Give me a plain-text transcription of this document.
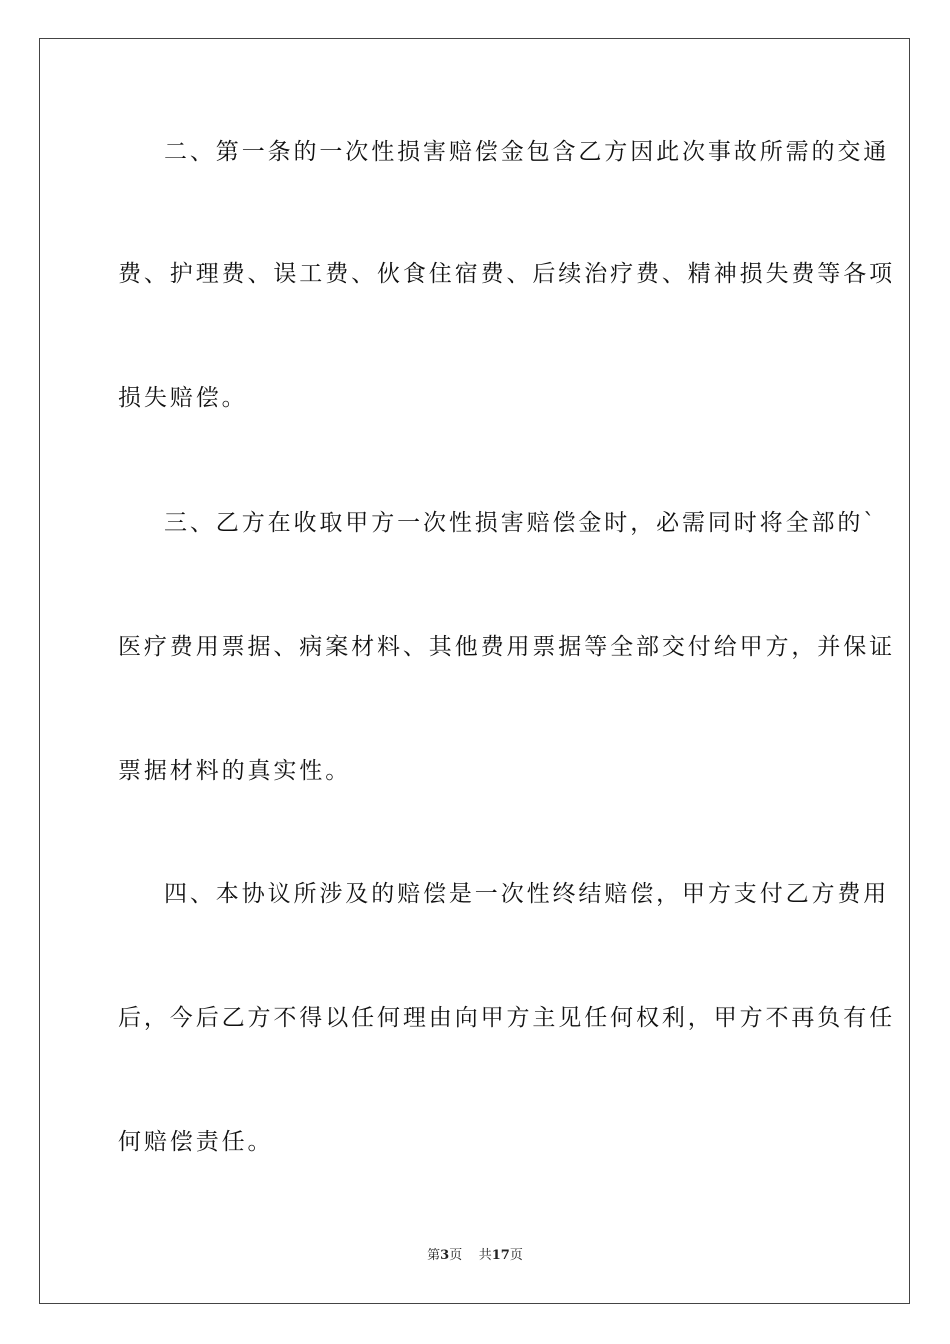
二、第一条的一次性损害赔偿金包含乙方因此次事故所需的交通
费、护理费、误工费、伙食住宿费、后续治疗费、精神损失费等各项
损失赔偿。
三、乙方在收取甲方一次性损害赔偿金时，必需同时将全部的`
医疗费用票据、病案材料、其他费用票据等全部交付给甲方，并保证
票据材料的真实性。
四、本协议所涉及的赔偿是一次性终结赔偿，甲方支付乙方费用
后，今后乙方不得以任何理由向甲方主见任何权利，甲方不再负有任
何赔偿责任。
第3页 共17页
